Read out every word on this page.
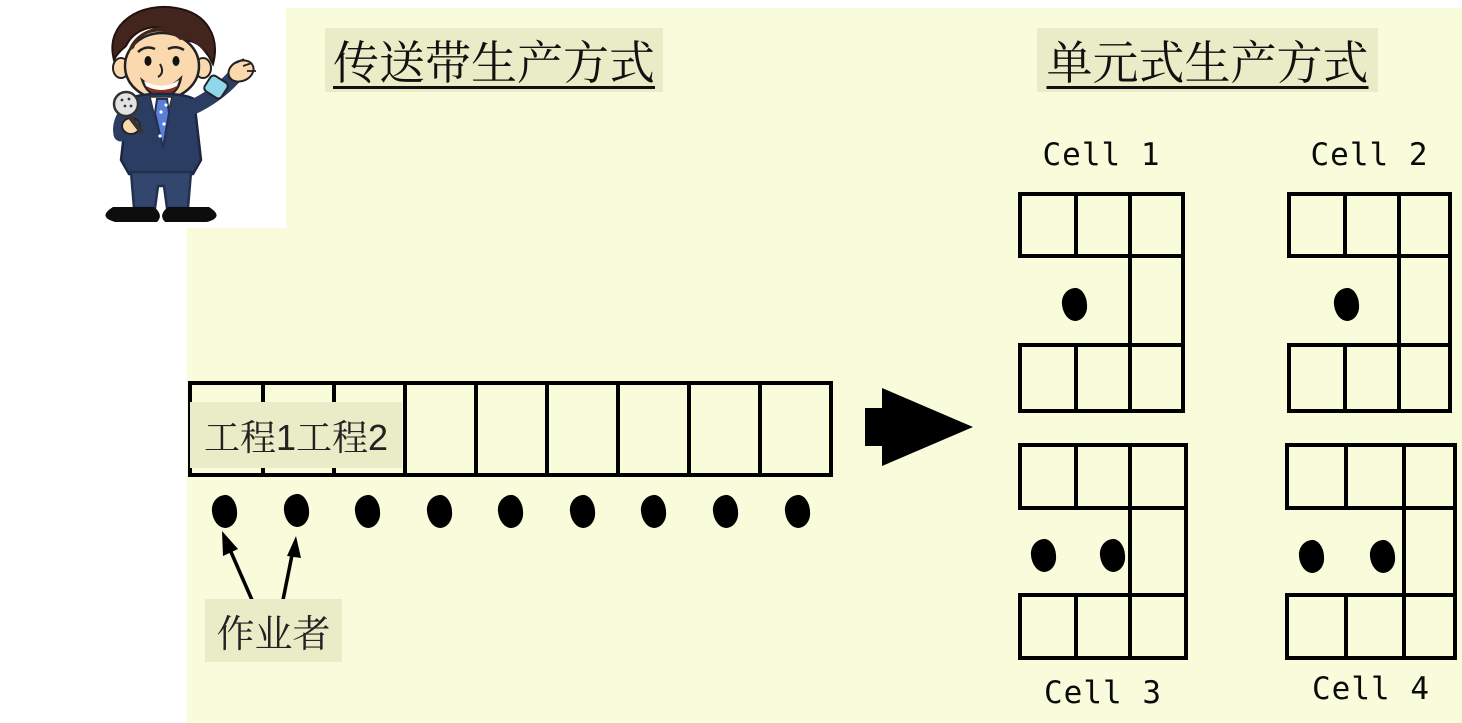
传送带生产方式	单元式生产方式
工程1工程2
作业者
Cell 1	Cell 2
Cell 3	Cell 4
